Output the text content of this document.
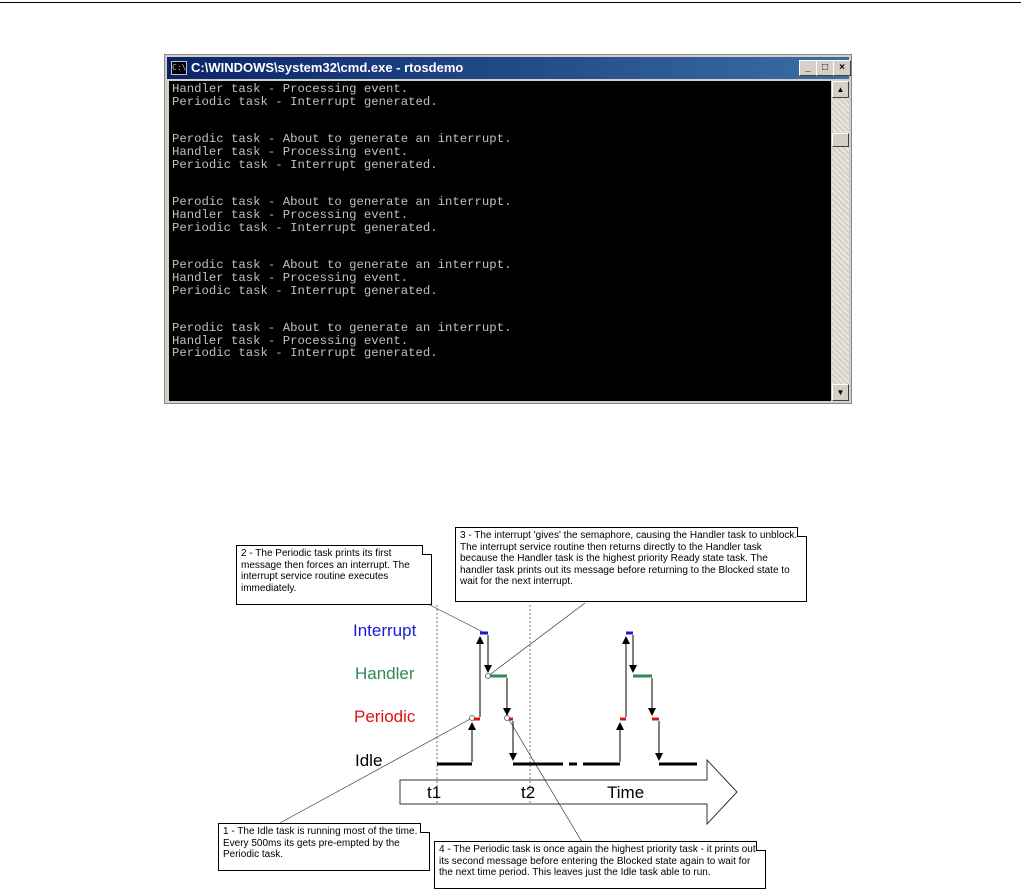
C:\ C:\WINDOWS\system32\cmd.exe - rtosdemo	_	□	×
Handler task - Processing event.
Periodic task - Interrupt generated.

Perodic task - About to generate an interrupt.
Handler task - Processing event.
Periodic task - Interrupt generated.

Perodic task - About to generate an interrupt.
Handler task - Processing event.
Periodic task - Interrupt generated.

Perodic task - About to generate an interrupt.
Handler task - Processing event.
Periodic task - Interrupt generated.

Perodic task - About to generate an interrupt.
Handler task - Processing event.
Periodic task - Interrupt generated.
▲
▼
Interrupt
Handler
Periodic
Idle
t1	t2	Time
2 - The Periodic task prints its first message then forces an interrupt. The interrupt service routine executes immediately.
3 - The interrupt 'gives' the semaphore, causing the Handler task to unblock. The interrupt service routine then returns directly to the Handler task because the Handler task is the highest priority Ready state task. The handler task prints out its message before returning to the Blocked state to wait for the next interrupt.
1 - The Idle task is running most of the time. Every 500ms its gets pre-empted by the Periodic task.	4 - The Periodic task is once again the highest priority task - it prints out its second message before entering the Blocked state again to wait for the next time period. This leaves just the Idle task able to run.
